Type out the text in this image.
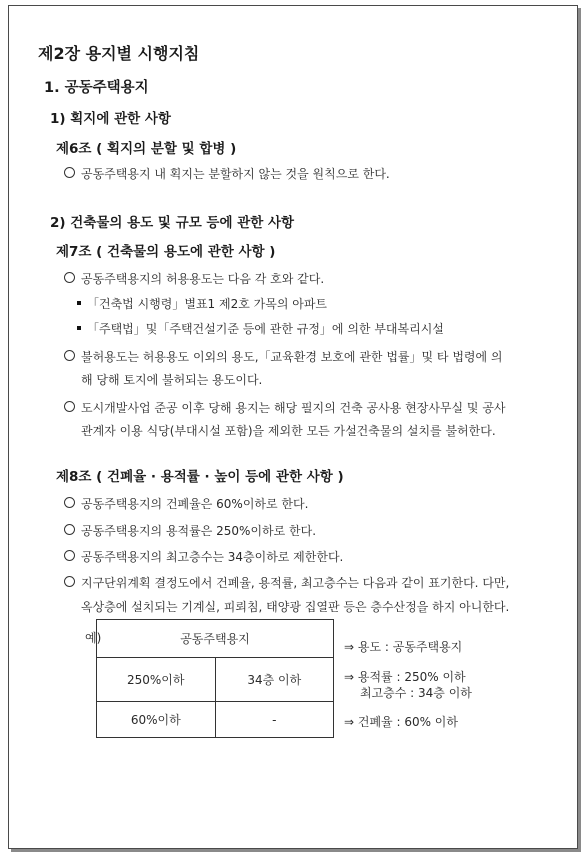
제2장 용지별 시행지침
1. 공동주택용지
1) 획지에 관한 사항
제6조 ( 획지의 분할 및 합병 )
공동주택용지 내 획지는 분할하지 않는 것을 원칙으로 한다.
2) 건축물의 용도 및 규모 등에 관한 사항
제7조 ( 건축물의 용도에 관한 사항 )
공동주택용지의 허용용도는 다음 각 호와 같다.
「건축법 시행령」별표1 제2호 가목의 아파트
「주택법」및「주택건설기준 등에 관한 규정」에 의한 부대복리시설
불허용도는 허용용도 이외의 용도,「교육환경 보호에 관한 법률」및 타 법령에 의
해 당해 토지에 불허되는 용도이다.
도시개발사업 준공 이후 당해 용지는 해당 필지의 건축 공사용 현장사무실 및 공사
관계자 이용 식당(부대시설 포함)을 제외한 모든 가설건축물의 설치를 불허한다.
제8조 ( 건폐율 · 용적률 · 높이 등에 관한 사항 )
공동주택용지의 건폐율은 60%이하로 한다.
공동주택용지의 용적률은 250%이하로 한다.
공동주택용지의 최고층수는 34층이하로 제한한다.
지구단위계획 결정도에서 건폐율, 용적률, 최고층수는 다음과 같이 표기한다. 다만,
옥상층에 설치되는 기계실, 피뢰침, 태양광 집열판 등은 층수산정을 하지 아니한다.
예)	공동주택용지	
250%이하	34층 이하
60%이하	-
⇒ 용도 : 공동주택용지
⇒ 용적률 : 250% 이하
최고층수 : 34층 이하
⇒ 건폐율 : 60% 이하
